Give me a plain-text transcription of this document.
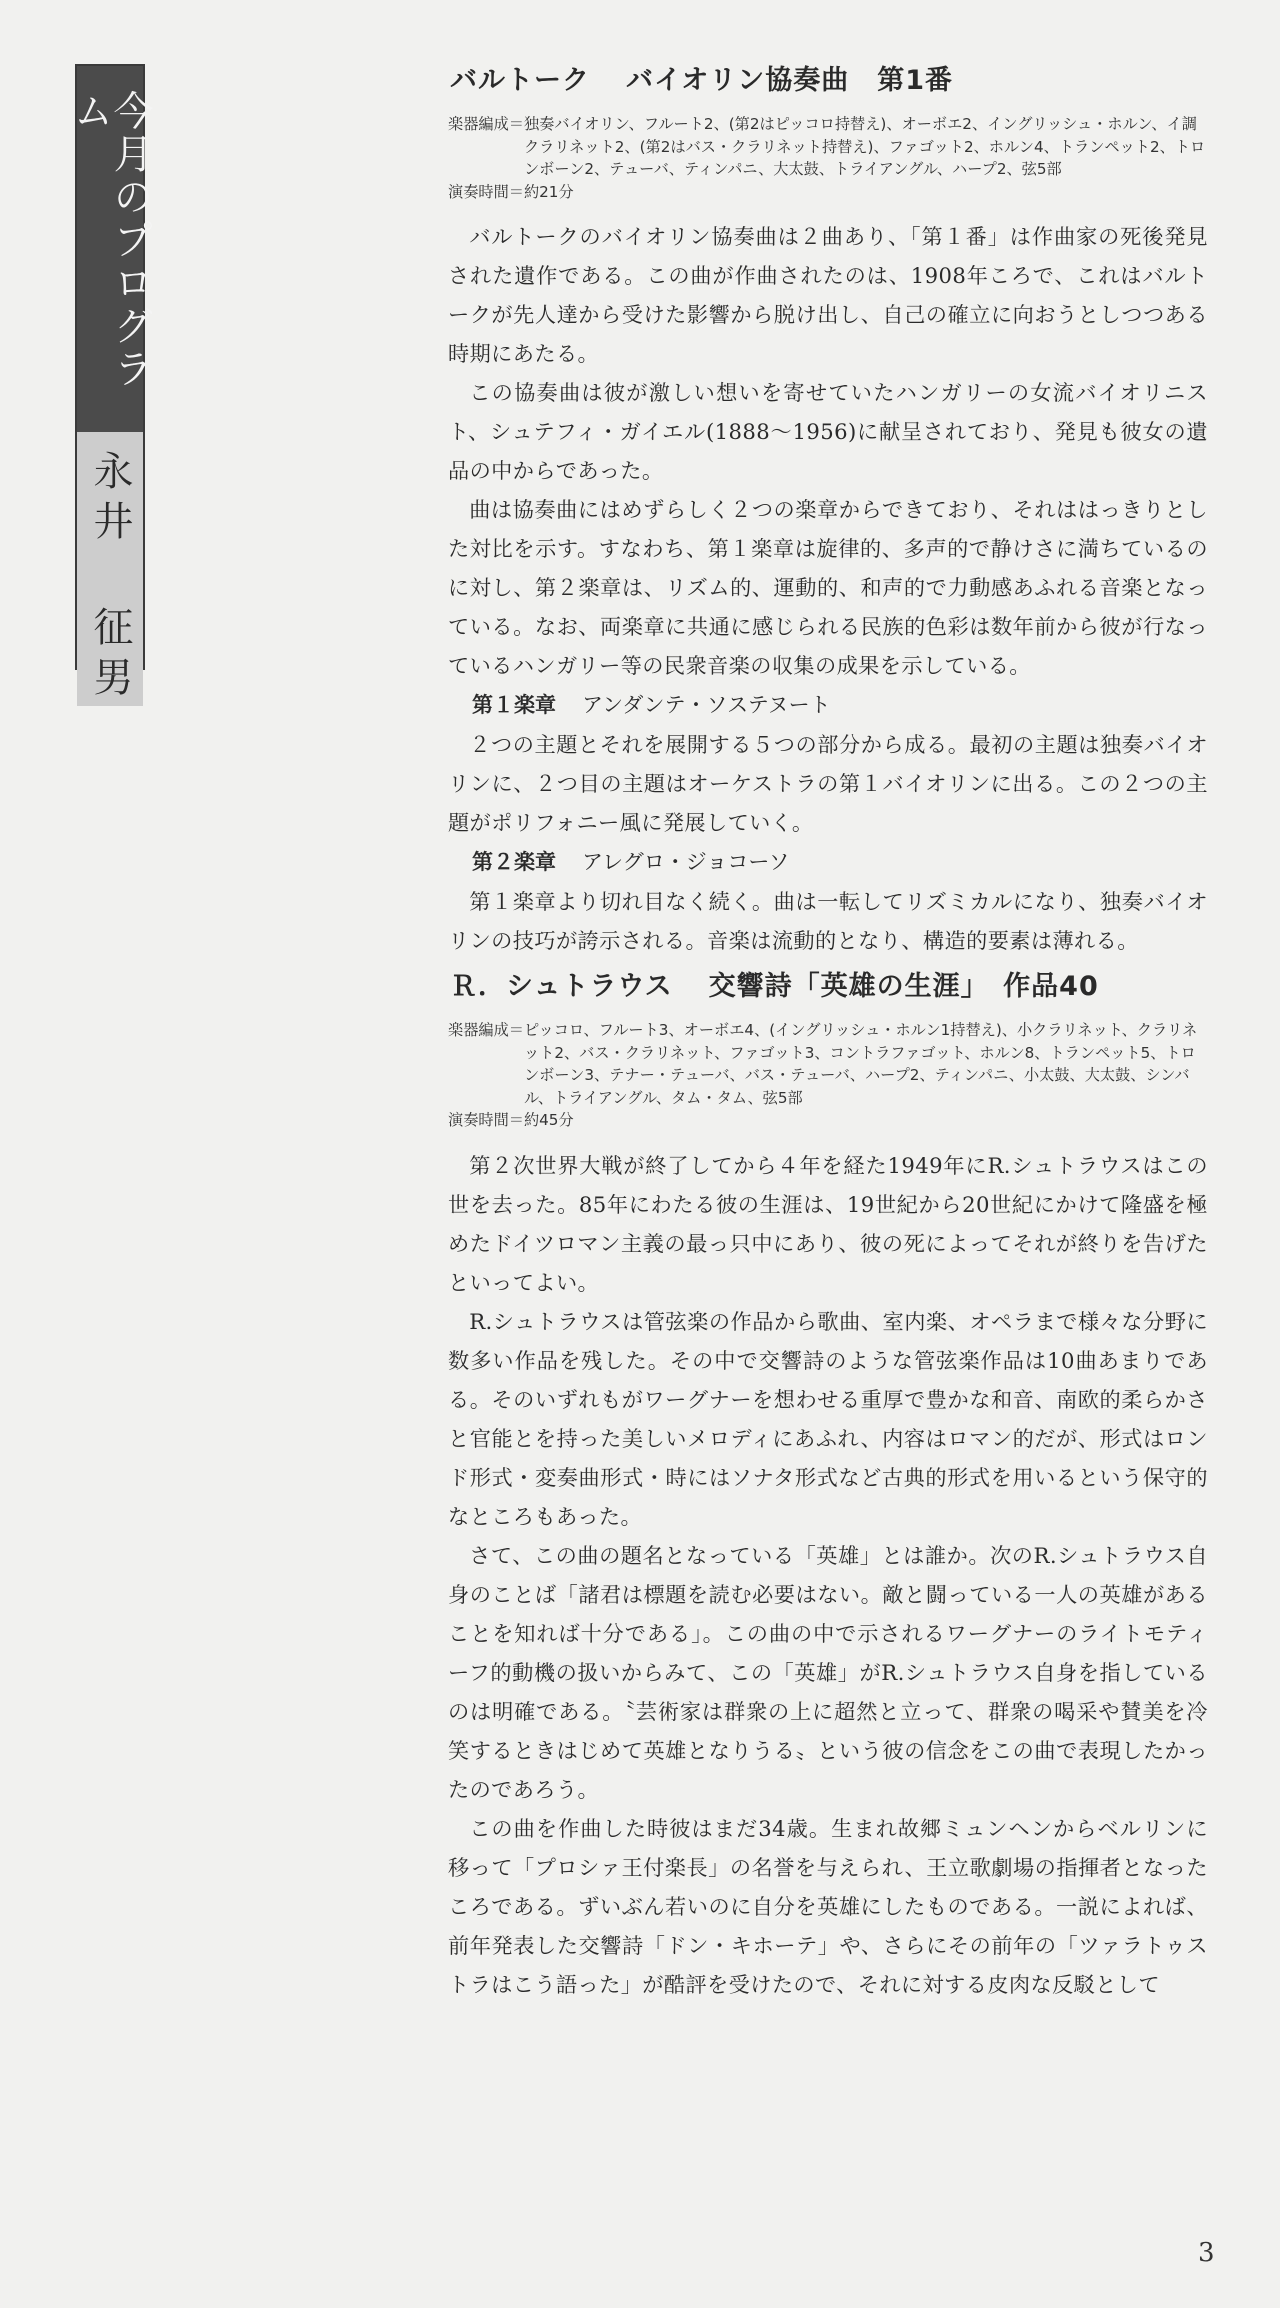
今月のプログラム
永井 征男
バルトーク バイオリン協奏曲　第1番
楽器編成＝ 独奏バイオリン、フルート2、(第2はピッコロ持替え)、オーボエ2、イングリッシュ・ホルン、イ調クラリネット2、(第2はバス・クラリネット持替え)、ファゴット2、ホルン4、トランペット2、トロンボーン2、テューバ、ティンパニ、大太鼓、トライアングル、ハープ2、弦5部
演奏時間＝約21分

バルトークのバイオリン協奏曲は２曲あり、「第１番」は作曲家の死後発見された遺作である。この曲が作曲されたのは、1908年ころで、これはバルトークが先人達から受けた影響から脱け出し、自己の確立に向おうとしつつある時期にあたる。

この協奏曲は彼が激しい想いを寄せていたハンガリーの女流バイオリニスト、シュテフィ・ガイエル(1888～1956)に献呈されており、発見も彼女の遺品の中からであった。

曲は協奏曲にはめずらしく２つの楽章からできており、それははっきりとした対比を示す。すなわち、第１楽章は旋律的、多声的で静けさに満ちているのに対し、第２楽章は、リズム的、運動的、和声的で力動感あふれる音楽となっている。なお、両楽章に共通に感じられる民族的色彩は数年前から彼が行なっているハンガリー等の民衆音楽の収集の成果を示している。

第１楽章 アンダンテ・ソステヌート

２つの主題とそれを展開する５つの部分から成る。最初の主題は独奏バイオリンに、２つ目の主題はオーケストラの第１バイオリンに出る。この２つの主題がポリフォニー風に発展していく。

第２楽章 アレグロ・ジョコーソ

第１楽章より切れ目なく続く。曲は一転してリズミカルになり、独奏バイオリンの技巧が誇示される。音楽は流動的となり、構造的要素は薄れる。

Ｒ．シュトラウス 交響詩「英雄の生涯」　作品40
楽器編成＝ ピッコロ、フルート3、オーボエ4、(イングリッシュ・ホルン1持替え)、小クラリネット、クラリネット2、バス・クラリネット、ファゴット3、コントラファゴット、ホルン8、トランペット5、トロンボーン3、テナー・テューバ、バス・テューバ、ハープ2、ティンパニ、小太鼓、大太鼓、シンバル、トライアングル、タム・タム、弦5部
演奏時間＝約45分

第２次世界大戦が終了してから４年を経た1949年にR.シュトラウスはこの世を去った。85年にわたる彼の生涯は、19世紀から20世紀にかけて隆盛を極めたドイツロマン主義の最っ只中にあり、彼の死によってそれが終りを告げたといってよい。

R.シュトラウスは管弦楽の作品から歌曲、室内楽、オペラまで様々な分野に数多い作品を残した。その中で交響詩のような管弦楽作品は10曲あまりである。そのいずれもがワーグナーを想わせる重厚で豊かな和音、南欧的柔らかさと官能とを持った美しいメロディにあふれ、内容はロマン的だが、形式はロンド形式・変奏曲形式・時にはソナタ形式など古典的形式を用いるという保守的なところもあった。

さて、この曲の題名となっている「英雄」とは誰か。次のR.シュトラウス自身のことば「諸君は標題を読む必要はない。敵と闘っている一人の英雄があることを知れば十分である」。この曲の中で示されるワーグナーのライトモティーフ的動機の扱いからみて、この「英雄」がR.シュトラウス自身を指しているのは明確である。〝芸術家は群衆の上に超然と立って、群衆の喝采や賛美を冷笑するときはじめて英雄となりうる〟という彼の信念をこの曲で表現したかったのであろう。

この曲を作曲した時彼はまだ34歳。生まれ故郷ミュンヘンからベルリンに移って「プロシァ王付楽長」の名誉を与えられ、王立歌劇場の指揮者となったころである。ずいぶん若いのに自分を英雄にしたものである。一説によれば、前年発表した交響詩「ドン・キホーテ」や、さらにその前年の「ツァラトゥストラはこう語った」が酷評を受けたので、それに対する皮肉な反駁として

3
